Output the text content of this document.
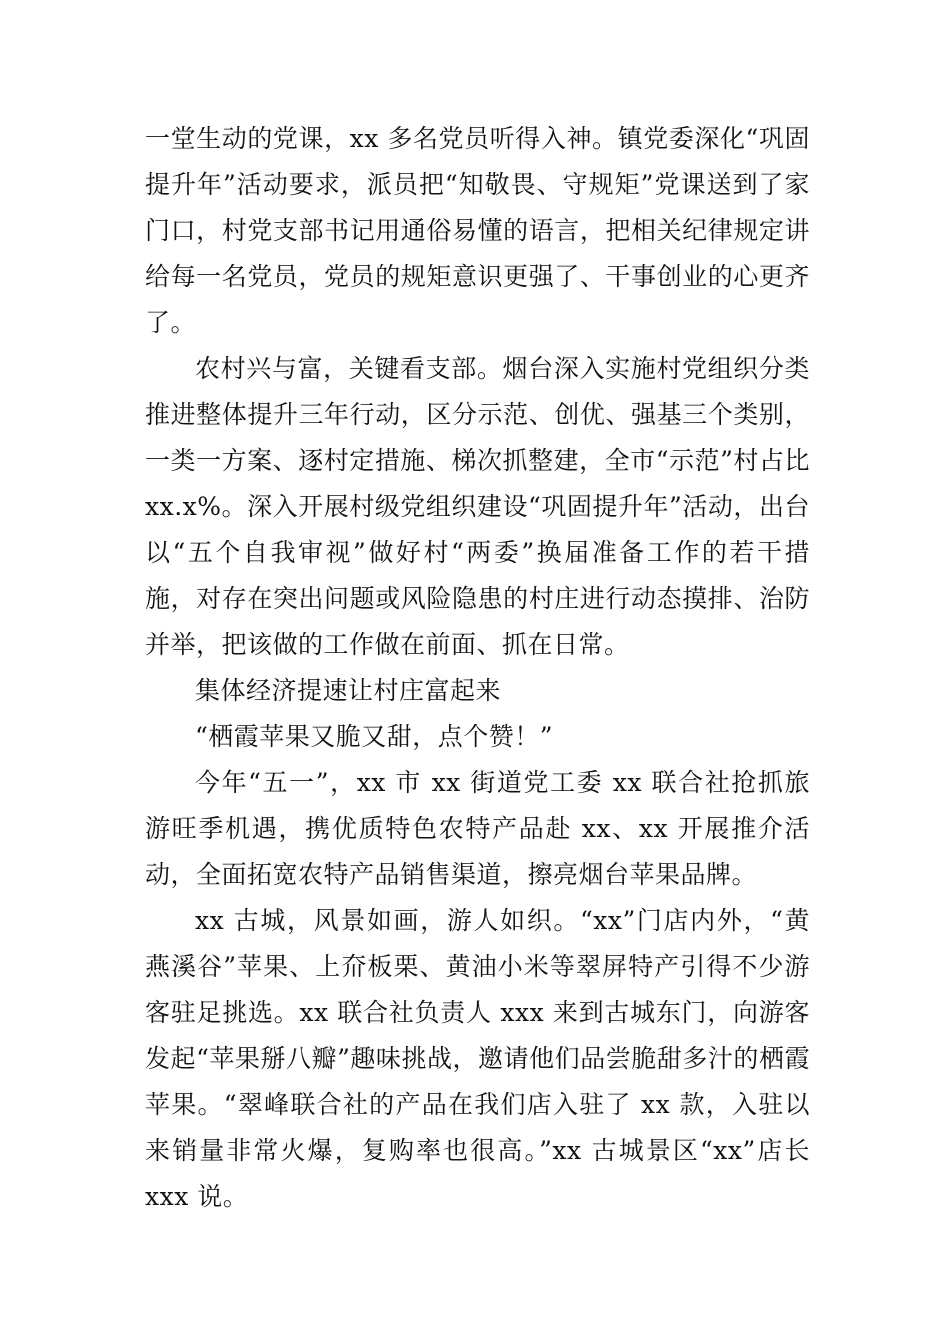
一堂生动的党课，xx 多名党员听得入神。镇党委深化“巩固提升年”活动要求，派员把“知敬畏、守规矩”党课送到了家门口，村党支部书记用通俗易懂的语言，把相关纪律规定讲给每一名党员，党员的规矩意识更强了、干事创业的心更齐了。

农村兴与富，关键看支部。烟台深入实施村党组织分类推进整体提升三年行动，区分示范、创优、强基三个类别，一类一方案、逐村定措施、梯次抓整建，全市“示范”村占比 xx.x%。深入开展村级党组织建设“巩固提升年”活动，出台以“五个自我审视”做好村“两委”换届准备工作的若干措施，对存在突出问题或风险隐患的村庄进行动态摸排、治防并举，把该做的工作做在前面、抓在日常。

集体经济提速让村庄富起来

“栖霞苹果又脆又甜，点个赞！”

今年“五一”，xx 市 xx 街道党工委 xx 联合社抢抓旅游旺季机遇，携优质特色农特产品赴 xx、xx 开展推介活动，全面拓宽农特产品销售渠道，擦亮烟台苹果品牌。

xx 古城，风景如画，游人如织。“xx”门店内外，“黄燕溪谷”苹果、上夼板栗、黄油小米等翠屏特产引得不少游客驻足挑选。xx 联合社负责人 xxx 来到古城东门，向游客发起“苹果掰八瓣”趣味挑战，邀请他们品尝脆甜多汁的栖霞苹果。“翠峰联合社的产品在我们店入驻了 xx 款，入驻以来销量非常火爆，复购率也很高。”xx 古城景区“xx”店长 xxx 说。
